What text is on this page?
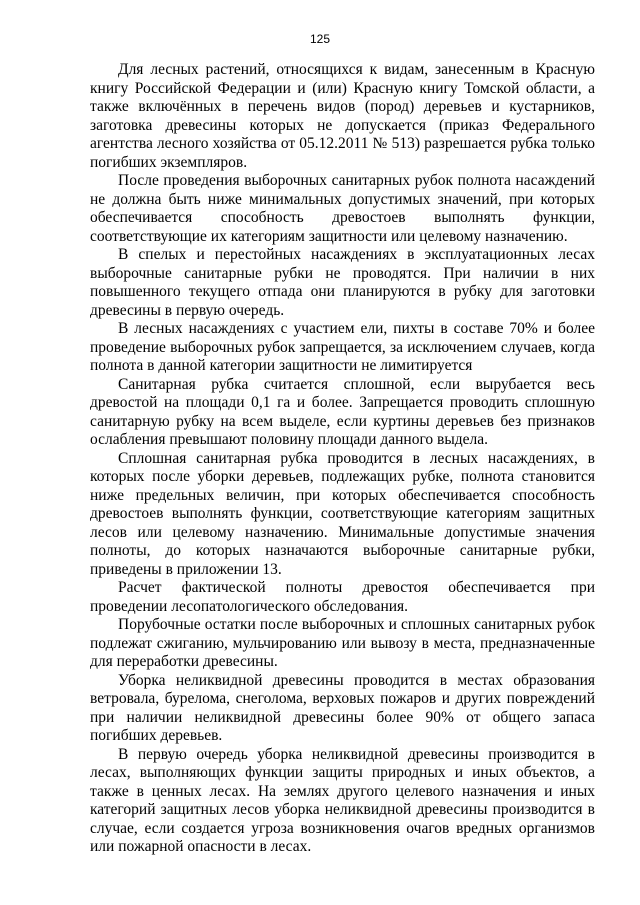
125

Для лесных растений, относящихся к видам, занесенным в Красную книгу Российской Федерации и (или) Красную книгу Томской области, а также включённых в перечень видов (пород) деревьев и кустарников, заготовка древесины которых не допускается (приказ Федерального агентства лесного хозяйства от 05.12.2011 № 513) разрешается рубка только погибших экземпляров.

После проведения выборочных санитарных рубок полнота насаждений не должна быть ниже минимальных допустимых значений, при которых обеспечивается способность древостоев выполнять функции, соответствующие их категориям защитности или целевому назначению.

В спелых и перестойных насаждениях в эксплуатационных лесах выборочные санитарные рубки не проводятся. При наличии в них повышенного текущего отпада они планируются в рубку для заготовки древесины в первую очередь.

В лесных насаждениях с участием ели, пихты в составе 70% и более проведение выборочных рубок запрещается, за исключением случаев, когда полнота в данной категории защитности не лимитируется

Санитарная рубка считается сплошной, если вырубается весь древостой на площади 0,1 га и более. Запрещается проводить сплошную санитарную рубку на всем выделе, если куртины деревьев без признаков ослабления превышают половину площади данного выдела.

Сплошная санитарная рубка проводится в лесных насаждениях, в которых после уборки деревьев, подлежащих рубке, полнота становится ниже предельных величин, при которых обеспечивается способность древостоев выполнять функции, соответствующие категориям защитных лесов или целевому назначению. Минимальные допустимые значения полноты, до которых назначаются выборочные санитарные рубки, приведены в приложении 13.

Расчет фактической полноты древостоя обеспечивается при проведении лесопатологического обследования.

Порубочные остатки после выборочных и сплошных санитарных рубок подлежат сжиганию, мульчированию или вывозу в места, предназначенные для переработки древесины.

Уборка неликвидной древесины проводится в местах образования ветровала, бурелома, снеголома, верховых пожаров и других повреждений при наличии неликвидной древесины более 90% от общего запаса погибших деревьев.

В первую очередь уборка неликвидной древесины производится в лесах, выполняющих функции защиты природных и иных объектов, а также в ценных лесах. На землях другого целевого назначения и иных категорий защитных лесов уборка неликвидной древесины производится в случае, если создается угроза возникновения очагов вредных организмов или пожарной опасности в лесах.
